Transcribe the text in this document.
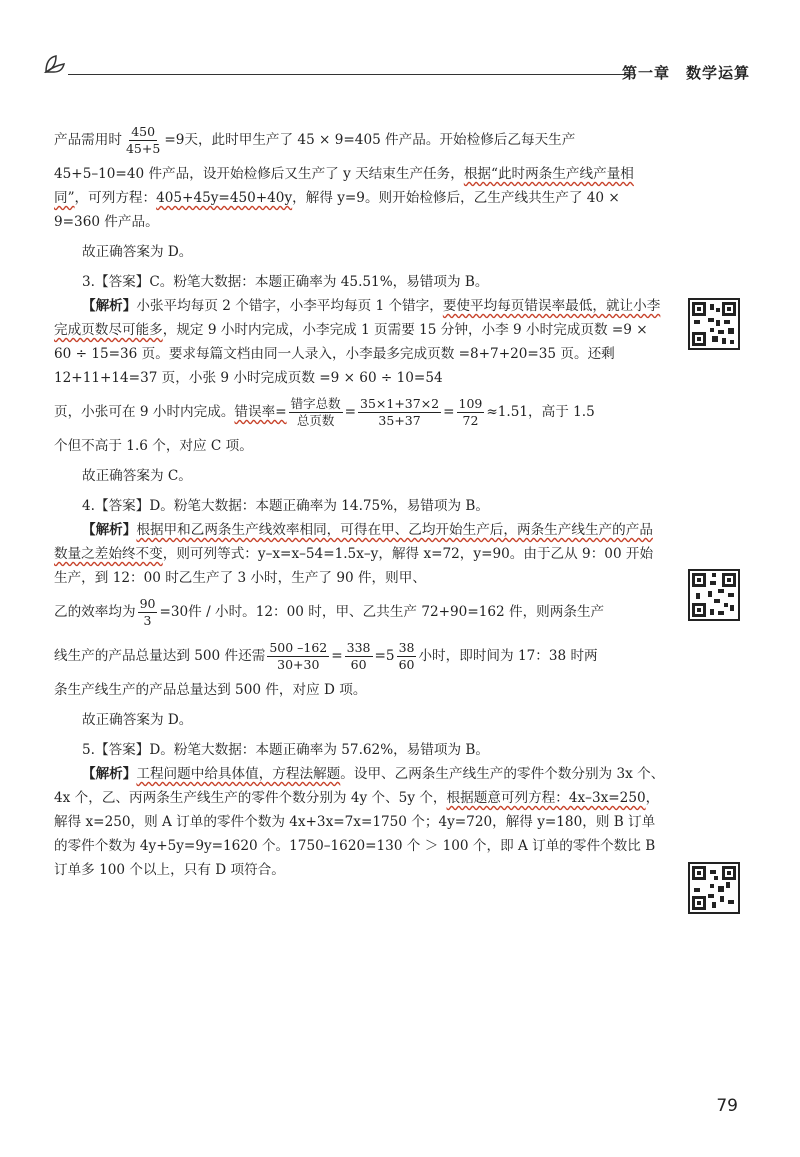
第一章 数学运算

产品需用时 $\frac{450}{45+5} =9$天，此时甲生产了 45 × 9=405 件产品。开始检修后乙每天生产

45+5–10=40 件产品，设开始检修后又生产了 y 天结束生产任务，根据“此时两条生产线产量相同”，可列方程：405+45y=450+40y，解得 y=9。则开始检修后，乙生产线共生产了 40 × 9=360 件产品。

故正确答案为 D。

3.【答案】C。粉笔大数据：本题正确率为 45.51%，易错项为 B。

【解析】小张平均每页 2 个错字，小李平均每页 1 个错字，要使平均每页错误率最低，就让小李完成页数尽可能多，规定 9 小时内完成，小李完成 1 页需要 15 分钟，小李 9 小时完成页数 =9 × 60 ÷ 15=36 页。要求每篇文档由同一人录入，小李最多完成页数 =8+7+20=35 页。还剩 12+11+14=37 页，小张 9 小时完成页数 =9 × 60 ÷ 10=54

页，小张可在 9 小时内完成。错误率= $\frac{\text{错字总数}}{\text{总页数}} = \frac{35\times 1+37\times 2}{35+37} = \frac{109}{72} \approx 1.51$，高于 1.5

个但不高于 1.6 个，对应 C 项。

故正确答案为 C。

4.【答案】D。粉笔大数据：本题正确率为 14.75%，易错项为 B。

【解析】根据甲和乙两条生产线效率相同，可得在甲、乙均开始生产后，两条生产线生产的产品数量之差始终不变，则可列等式：y–x=x–54=1.5x–y，解得 x=72，y=90。由于乙从 9：00 开始生产，到 12：00 时乙生产了 3 小时，生产了 90 件，则甲、

乙的效率均为 $\frac{90}{3} =30$件 / 小时。12：00 时，甲、乙共生产 72+90=162 件，则两条生产

线生产的产品总量达到 500 件还需 $\frac{500 -162}{30+30} = \frac{338}{60} =5 \frac{38}{60}$ 小时，即时间为 17：38 时两

条生产线生产的产品总量达到 500 件，对应 D 项。

故正确答案为 D。

5.【答案】D。粉笔大数据：本题正确率为 57.62%，易错项为 B。

【解析】工程问题中给具体值，方程法解题。设甲、乙两条生产线生产的零件个数分别为 3x 个、4x 个，乙、丙两条生产线生产的零件个数分别为 4y 个、5y 个，根据题意可列方程：4x–3x=250，解得 x=250，则 A 订单的零件个数为 4x+3x=7x=1750 个；4y=720，解得 y=180，则 B 订单的零件个数为 4y+5y=9y=1620 个。1750–1620=130 个 ＞ 100 个，即 A 订单的零件个数比 B 订单多 100 个以上，只有 D 项符合。

79
